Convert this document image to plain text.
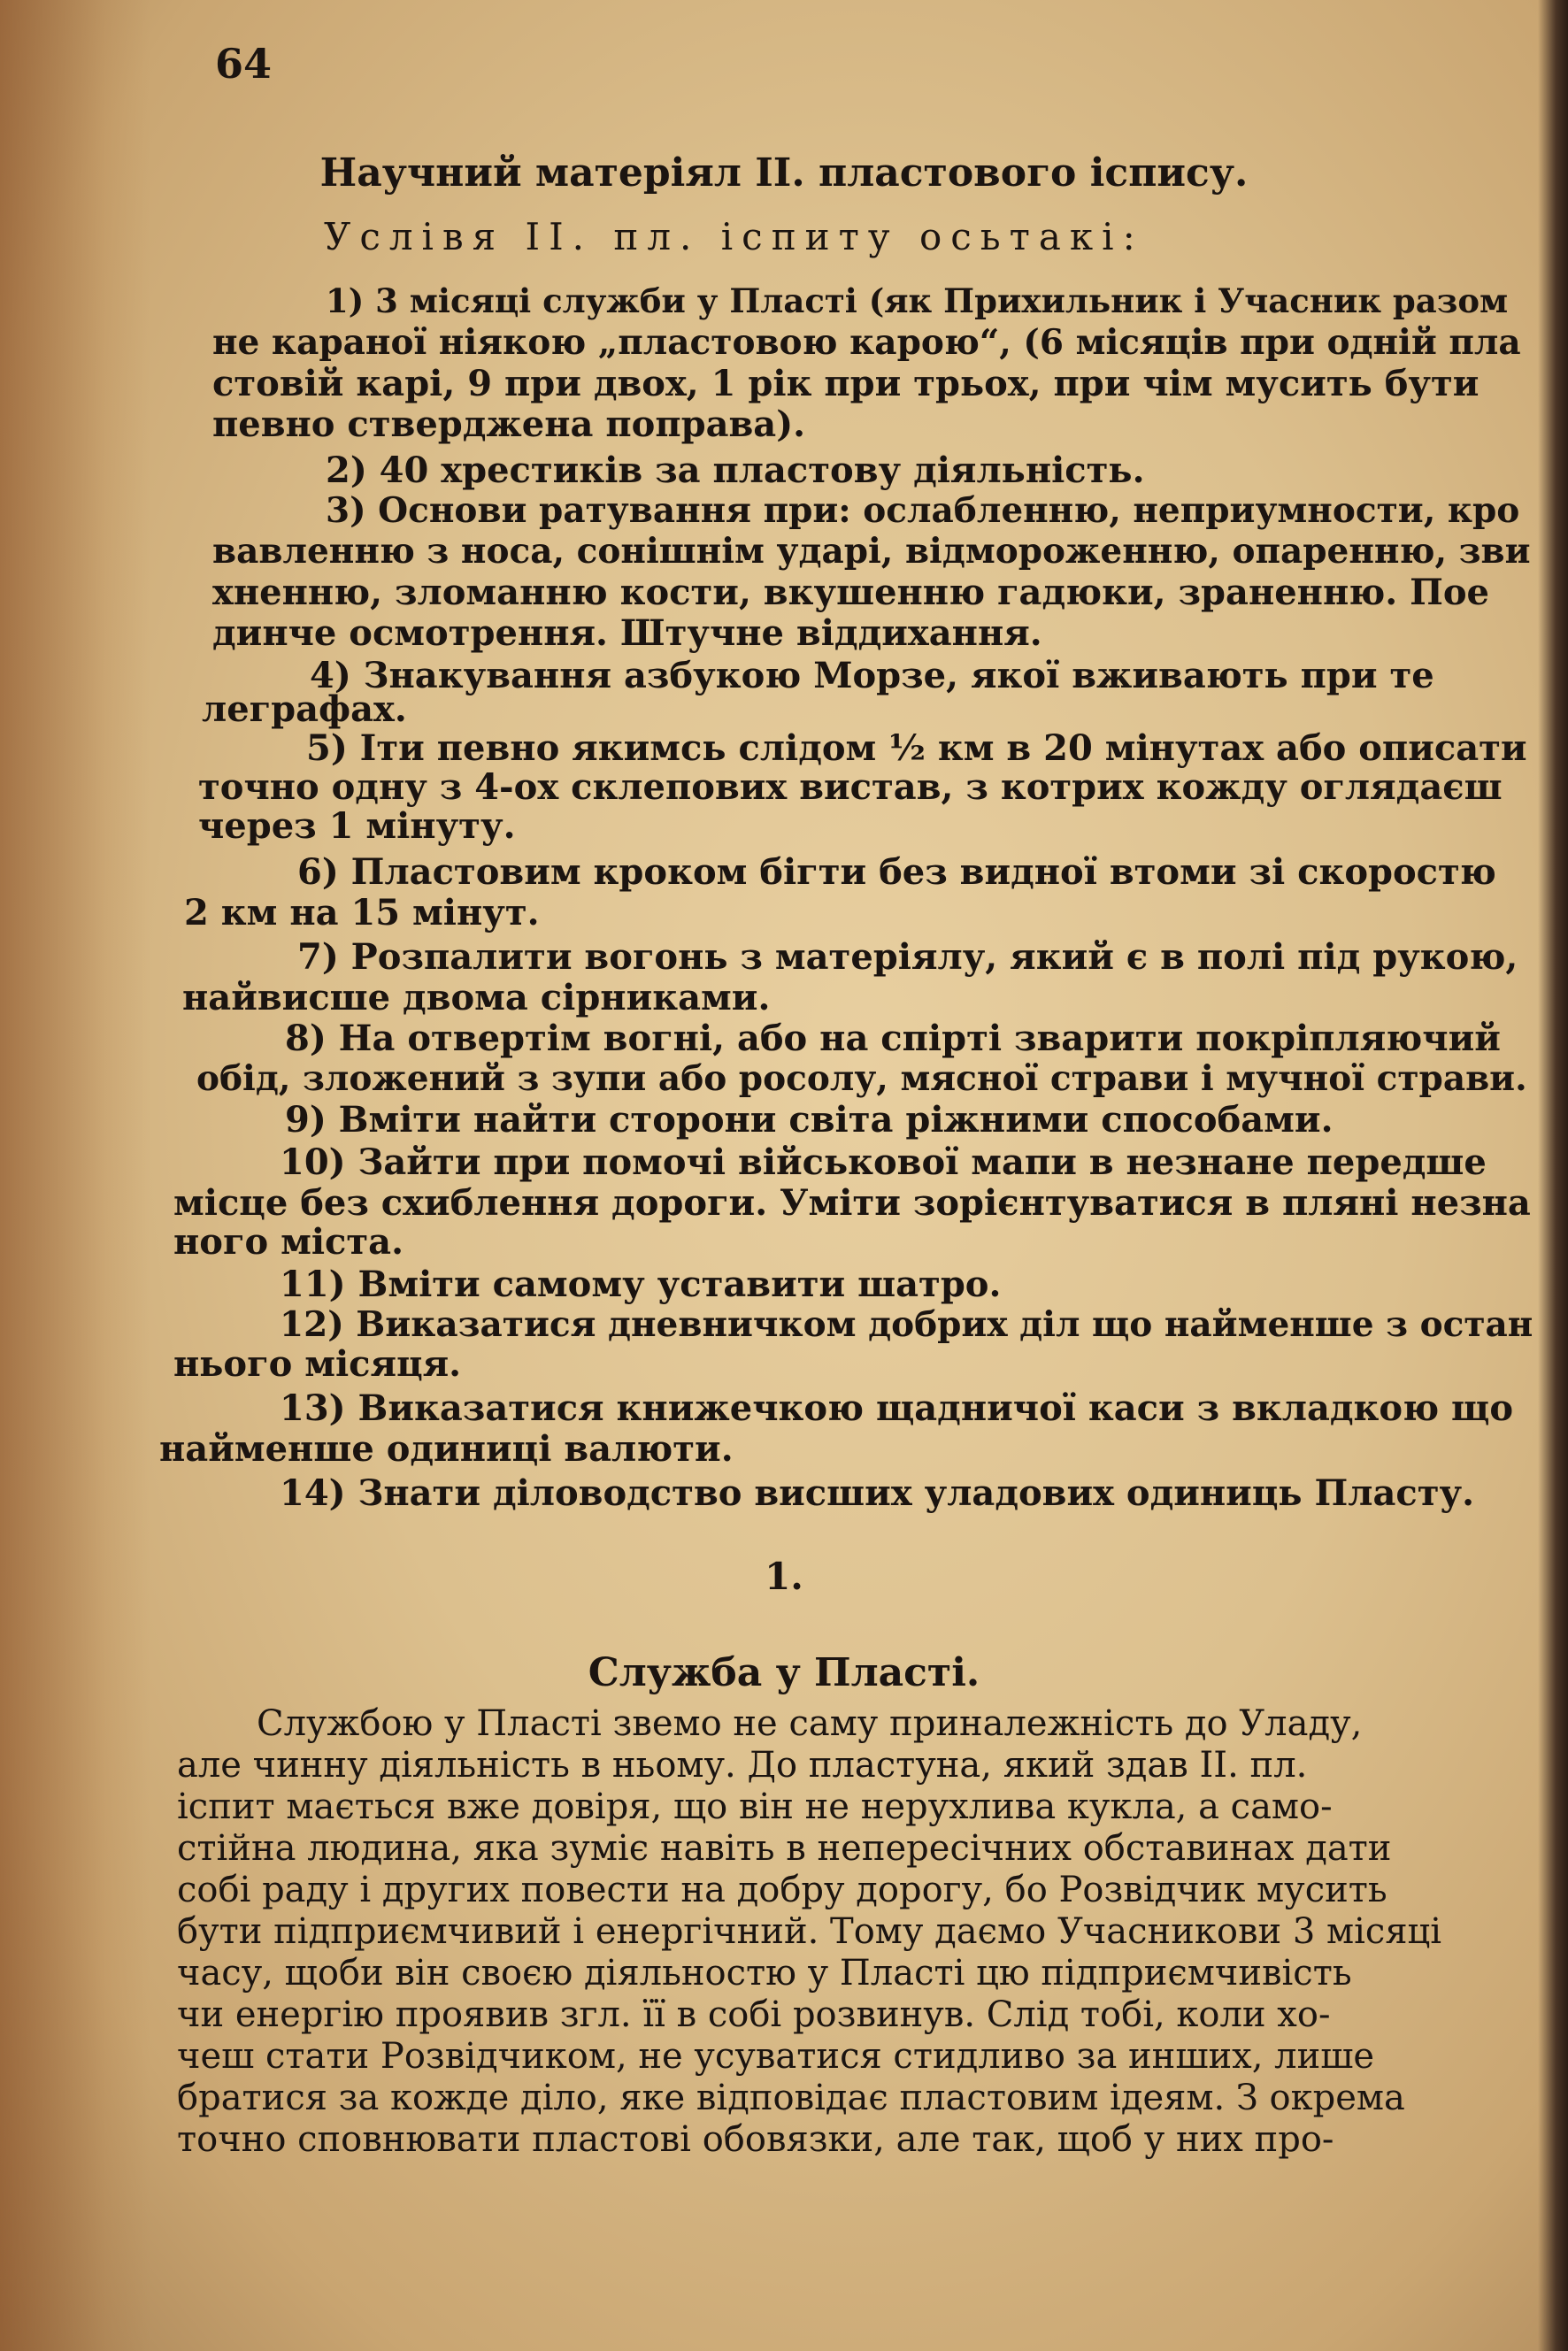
64
Научний матеріял II. пластового іспису.
Услівя II. пл. іспиту осьтакі:
1) 3 місяці служби у Пласті (як Прихильник і Учасник разом
не караної ніякою „пластовою карою“, (6 місяців при одній пла
стовій карі, 9 при двох, 1 рік при трьох, при чім мусить бути
певно стверджена поправа).
2) 40 хрестиків за пластову діяльність.
3) Основи ратування при: ослабленню, неприумности, кро
вавленню з носа, сонішнім ударі, відмороженню, опаренню, зви
хненню, зломанню кости, вкушенню гадюки, зраненню. Пое
динче осмотрення. Штучне віддихання.
4) Знакування азбукою Морзе, якої вживають при те
леграфах.
5) Іти певно якимсь слідом ½ км в 20 мінутах або описати
точно одну з 4-ох склепових вистав, з котрих кожду оглядаєш
через 1 мінуту.
6) Пластовим кроком бігти без видної втоми зі скоростю
2 км на 15 мінут.
7) Розпалити вогонь з матеріялу, який є в полі під рукою,
найвисше двома сірниками.
8) На отвертім вогні, або на спірті зварити покріпляючий
обід, зложений з зупи або росолу, мясної страви і мучної страви.
9) Вміти найти сторони світа ріжними способами.
10) Зайти при помочі військової мапи в незнане передше
місце без схиблення дороги. Уміти зорієнтуватися в пляні незна
ного міста.
11) Вміти самому уставити шатро.
12) Виказатися дневничком добрих діл що найменше з остан
нього місяця.
13) Виказатися книжечкою щадничої каси з вкладкою що
найменше одиниці валюти.
14) Знати діловодство висших уладових одиниць Пласту.
1.
Служба у Пласті.
Службою у Пласті звемо не саму приналежність до Уладу,
але чинну діяльність в ньому. До пластуна, який здав II. пл.
іспит мається вже довіря, що він не нерухлива кукла, а само-
стійна людина, яка зуміє навіть в непересічних обставинах дати
собі раду і других повести на добру дорогу, бо Розвідчик мусить
бути підприємчивий і енергічний. Тому даємо Учасникови 3 місяці
часу, щоби він своєю діяльностю у Пласті цю підприємчивість
чи енергію проявив згл. її в собі розвинув. Слід тобі, коли хо-
чеш стати Розвідчиком, не усуватися стидливо за инших, лише
братися за кожде діло, яке відповідає пластовим ідеям. З окрема
точно сповнювати пластові обовязки, але так, щоб у них про-
